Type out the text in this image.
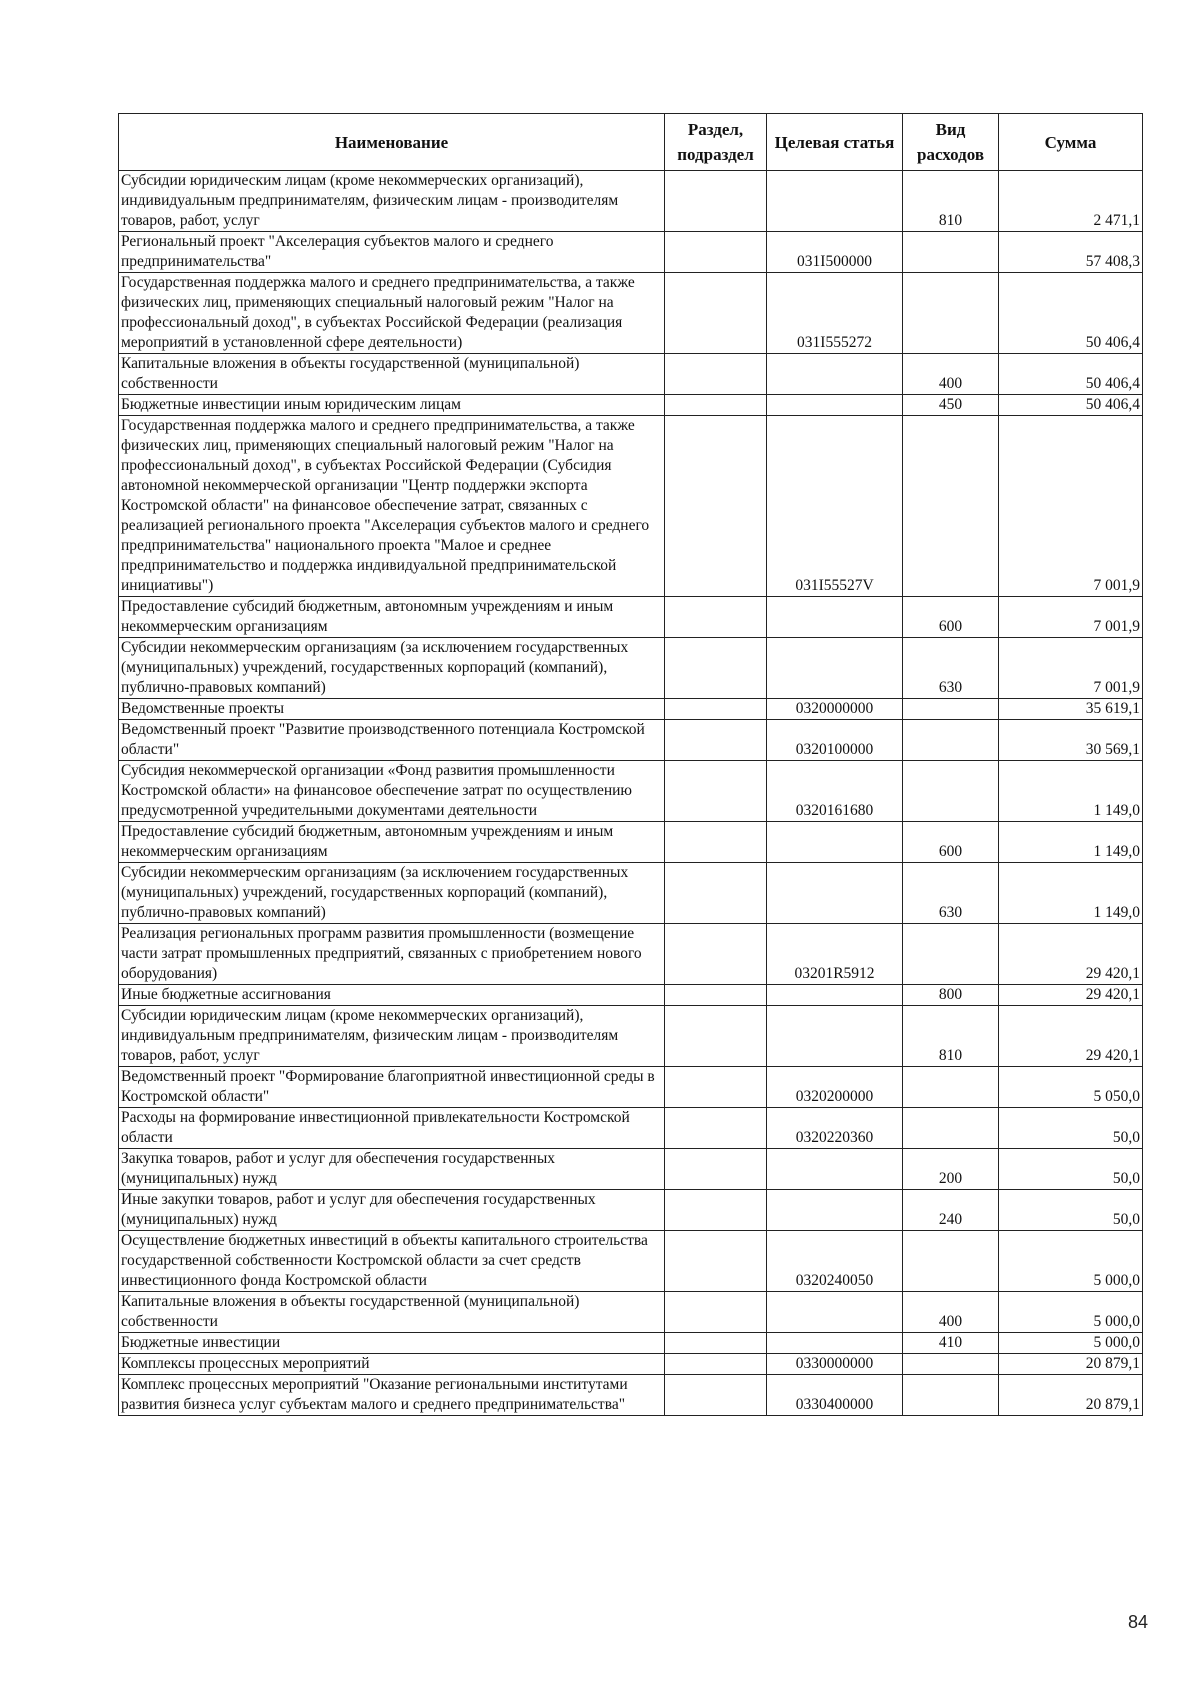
Наименование	Раздел, подраздел	Целевая статья	Вид расходов	Сумма
Субсидии юридическим лицам (кроме некоммерческих организаций), индивидуальным предпринимателям, физическим лицам - производителям товаров, работ, услуг			810	2 471,1
Региональный проект "Акселерация субъектов малого и среднего предпринимательства"		031I500000		57 408,3
Государственная поддержка малого и среднего предпринимательства, а также физических лиц, применяющих специальный налоговый режим "Налог на профессиональный доход", в субъектах Российской Федерации (реализация мероприятий в установленной сфере деятельности)		031I555272		50 406,4
Капитальные вложения в объекты государственной (муниципальной) собственности			400	50 406,4
Бюджетные инвестиции иным юридическим лицам			450	50 406,4
Государственная поддержка малого и среднего предпринимательства, а также физических лиц, применяющих специальный налоговый режим "Налог на профессиональный доход", в субъектах Российской Федерации (Субсидия автономной некоммерческой организации "Центр поддержки экспорта Костромской области" на финансовое обеспечение затрат, связанных с реализацией регионального проекта "Акселерация субъектов малого и среднего предпринимательства" национального проекта "Малое и среднее предпринимательство и поддержка индивидуальной предпринимательской инициативы")		031I55527V		7 001,9
Предоставление субсидий бюджетным, автономным учреждениям и иным некоммерческим организациям			600	7 001,9
Субсидии некоммерческим организациям (за исключением государственных (муниципальных) учреждений, государственных корпораций (компаний), публично-правовых компаний)			630	7 001,9
Ведомственные проекты		0320000000		35 619,1
Ведомственный проект "Развитие производственного потенциала Костромской области"		0320100000		30 569,1
Субсидия некоммерческой организации «Фонд развития промышленности Костромской области» на финансовое обеспечение затрат по осуществлению предусмотренной учредительными документами деятельности		0320161680		1 149,0
Предоставление субсидий бюджетным, автономным учреждениям и иным некоммерческим организациям			600	1 149,0
Субсидии некоммерческим организациям (за исключением государственных (муниципальных) учреждений, государственных корпораций (компаний), публично-правовых компаний)			630	1 149,0
Реализация региональных программ развития промышленности (возмещение части затрат промышленных предприятий, связанных с приобретением нового оборудования)		03201R5912		29 420,1
Иные бюджетные ассигнования			800	29 420,1
Субсидии юридическим лицам (кроме некоммерческих организаций), индивидуальным предпринимателям, физическим лицам - производителям товаров, работ, услуг			810	29 420,1
Ведомственный проект "Формирование благоприятной инвестиционной среды в Костромской области"		0320200000		5 050,0
Расходы на формирование инвестиционной привлекательности Костромской области		0320220360		50,0
Закупка товаров, работ и услуг для обеспечения государственных (муниципальных) нужд			200	50,0
Иные закупки товаров, работ и услуг для обеспечения государственных (муниципальных) нужд			240	50,0
Осуществление бюджетных инвестиций в объекты капитального строительства государственной собственности Костромской области за счет средств инвестиционного фонда Костромской области		0320240050		5 000,0
Капитальные вложения в объекты государственной (муниципальной) собственности			400	5 000,0
Бюджетные инвестиции			410	5 000,0
Комплексы процессных мероприятий		0330000000		20 879,1
Комплекс процессных мероприятий "Оказание региональными институтами развития бизнеса услуг субъектам малого и среднего предпринимательства"		0330400000		20 879,1
84
